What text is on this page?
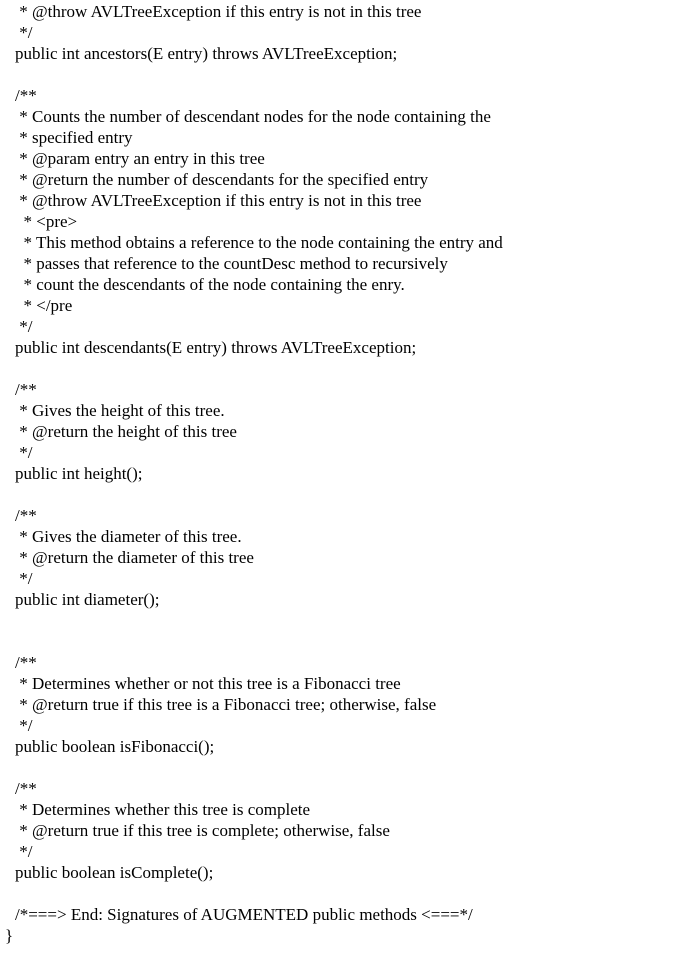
* @throw AVLTreeException if this entry is not in this tree
*/
public int ancestors(E entry) throws AVLTreeException;
/**
* Counts the number of descendant nodes for the node containing the
* specified entry
* @param entry an entry in this tree
* @return the number of descendants for the specified entry
* @throw AVLTreeException if this entry is not in this tree
* <pre>
* This method obtains a reference to the node containing the entry and
* passes that reference to the countDesc method to recursively
* count the descendants of the node containing the enry.
* </pre
*/
public int descendants(E entry) throws AVLTreeException;
/**
* Gives the height of this tree.
* @return the height of this tree
*/
public int height();
/**
* Gives the diameter of this tree.
* @return the diameter of this tree
*/
public int diameter();
/**
* Determines whether or not this tree is a Fibonacci tree
* @return true if this tree is a Fibonacci tree; otherwise, false
*/
public boolean isFibonacci();
/**
* Determines whether this tree is complete
* @return true if this tree is complete; otherwise, false
*/
public boolean isComplete();
/*===> End: Signatures of AUGMENTED public methods <===*/
}
